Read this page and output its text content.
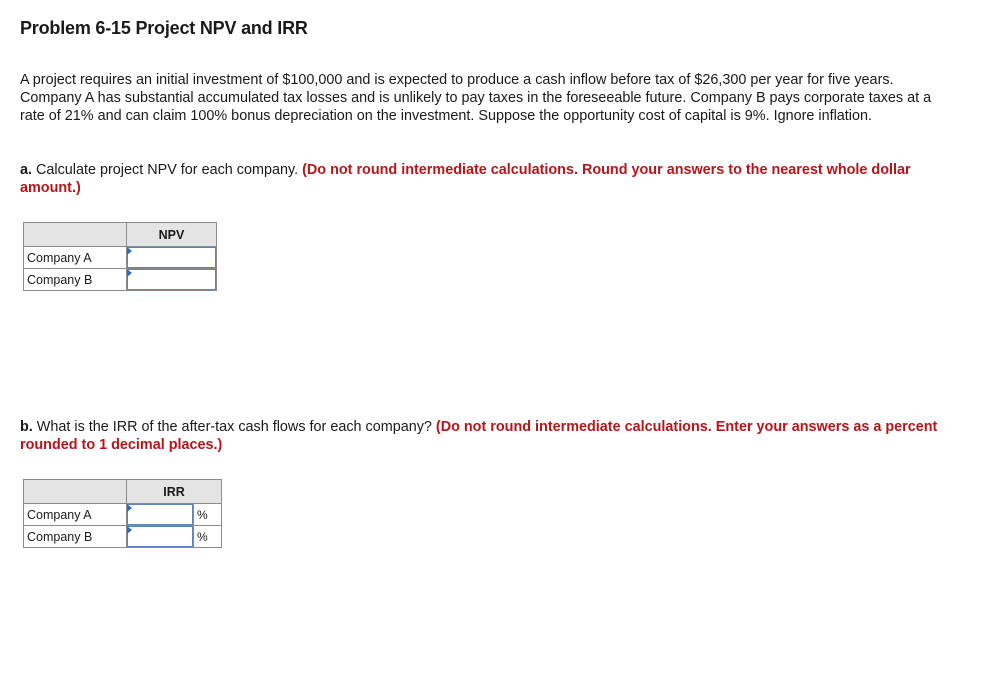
Problem 6-15 Project NPV and IRR

A project requires an initial investment of $100,000 and is expected to produce a cash inflow before tax of $26,300 per year for five years. Company A has substantial accumulated tax losses and is unlikely to pay taxes in the foreseeable future. Company B pays corporate taxes at a rate of 21% and can claim 100% bonus depreciation on the investment. Suppose the opportunity cost of capital is 9%. Ignore inflation.

a. Calculate project NPV for each company. (Do not round intermediate calculations. Round your answers to the nearest whole dollar amount.)

	NPV
Company A	

Company B	

b. What is the IRR of the after-tax cash flows for each company? (Do not round intermediate calculations. Enter your answers as a percent rounded to 1 decimal places.)

	IRR	
Company A		%
Company B		%
